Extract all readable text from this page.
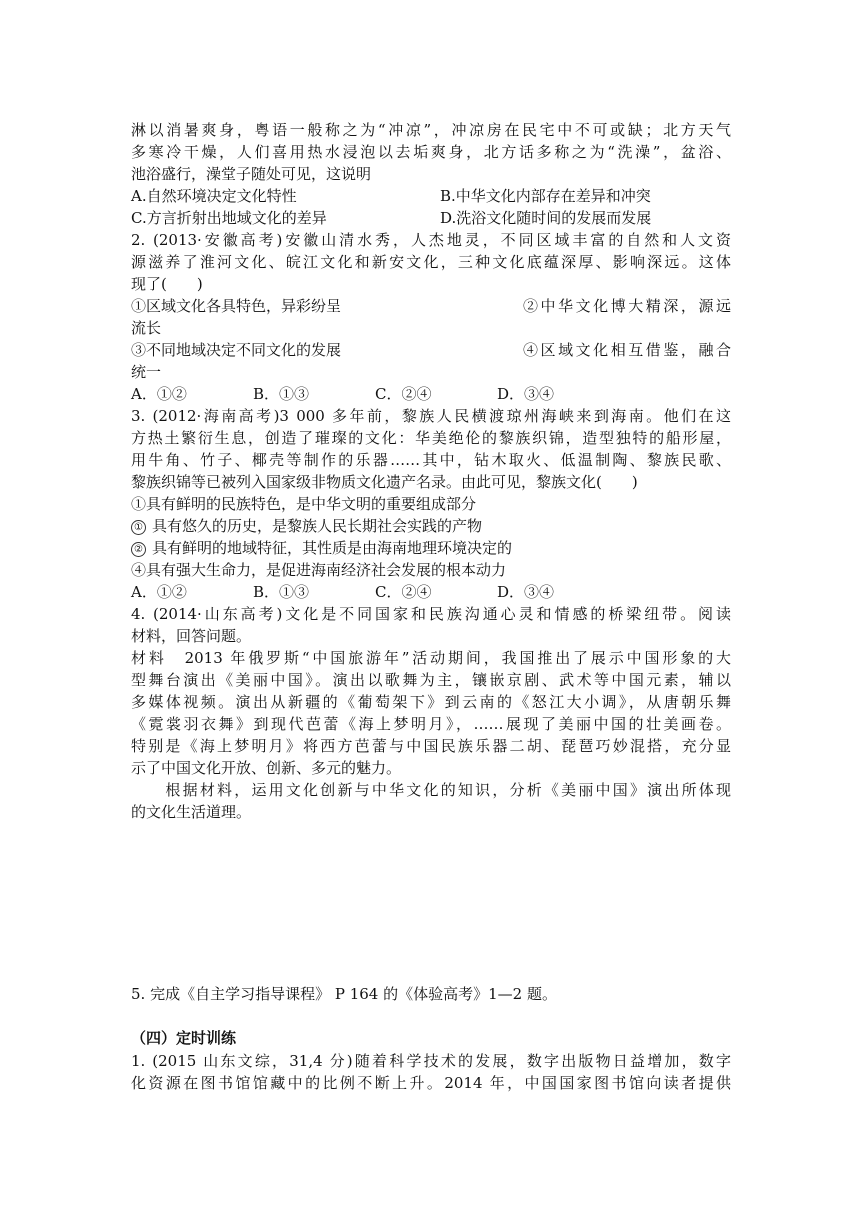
淋以消暑爽身，粤语一般称之为“冲凉”，冲凉房在民宅中不可或缺；北方天气
多寒冷干燥，人们喜用热水浸泡以去垢爽身，北方话多称之为“洗澡”，盆浴、
池浴盛行，澡堂子随处可见，这说明
A.自然环境决定文化特性	B.中华文化内部存在差异和冲突
C.方言折射出地域文化的差异	D.洗浴文化随时间的发展而发展
2. (2013·安徽高考)安徽山清水秀，人杰地灵，不同区域丰富的自然和人文资
源滋养了淮河文化、皖江文化和新安文化，三种文化底蕴深厚、影响深远。这体
现了(　　)
①区域文化各具特色，异彩纷呈	②中华文化博大精深，源远
流长
③不同地域决定不同文化的发展	④区域文化相互借鉴，融合
统一
A．①②	B．①③	C．②④	D．③④
3. (2012·海南高考)3 000 多年前，黎族人民横渡琼州海峡来到海南。他们在这
方热土繁衍生息，创造了璀璨的文化：华美绝伦的黎族织锦，造型独特的船形屋，
用牛角、竹子、椰壳等制作的乐器……其中，钻木取火、低温制陶、黎族民歌、
黎族织锦等已被列入国家级非物质文化遗产名录。由此可见，黎族文化(　　)
①具有鲜明的民族特色，是中华文明的重要组成部分
① 具有悠久的历史，是黎族人民长期社会实践的产物
② 具有鲜明的地域特征，其性质是由海南地理环境决定的
④具有强大生命力，是促进海南经济社会发展的根本动力
A．①②	B．①③	C．②④	D．③④
4. (2014·山东高考)文化是不同国家和民族沟通心灵和情感的桥梁纽带。阅读
材料，回答问题。
材料　2013 年俄罗斯“中国旅游年”活动期间，我国推出了展示中国形象的大
型舞台演出《美丽中国》。演出以歌舞为主，镶嵌京剧、武术等中国元素，辅以
多媒体视频。演出从新疆的《葡萄架下》到云南的《怒江大小调》，从唐朝乐舞
《霓裳羽衣舞》到现代芭蕾《海上梦明月》，……展现了美丽中国的壮美画卷。
特别是《海上梦明月》将西方芭蕾与中国民族乐器二胡、琵琶巧妙混搭，充分显
示了中国文化开放、创新、多元的魅力。
　　根据材料，运用文化创新与中华文化的知识，分析《美丽中国》演出所体现
的文化生活道理。
5. 完成《自主学习指导课程》 P 164 的《体验高考》1—2 题。
（四）定时训练
1. (2015 山东文综，31,4 分)随着科学技术的发展，数字出版物日益增加，数字
化资源在图书馆馆藏中的比例不断上升。2014 年，中国国家图书馆向读者提供
